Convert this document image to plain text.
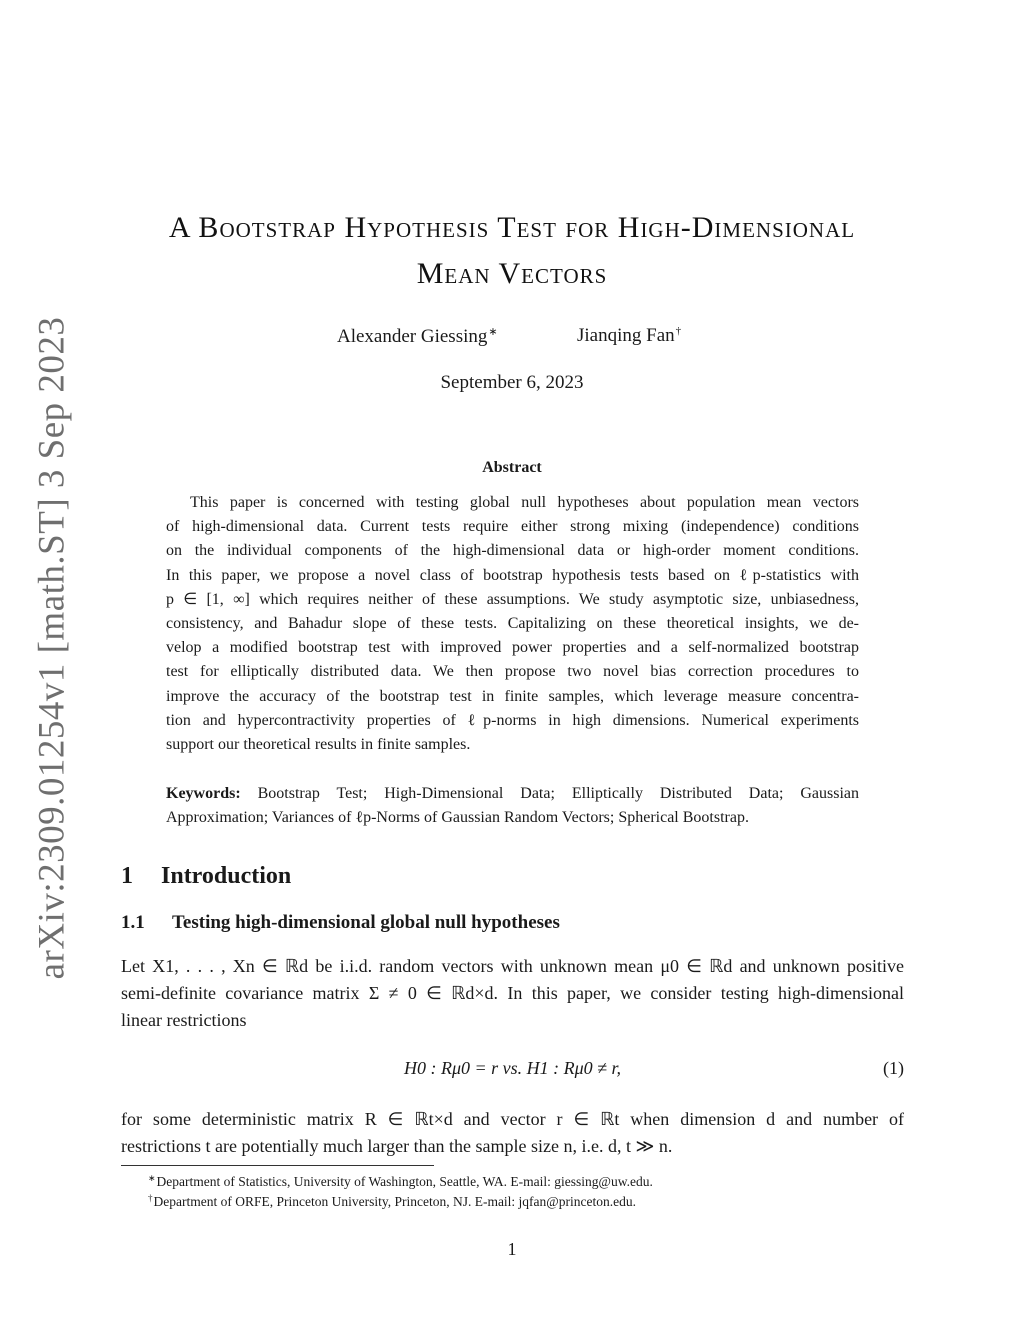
arXiv:2309.01254v1 [math.ST] 3 Sep 2023
A Bootstrap Hypothesis Test for High-Dimensional
Mean Vectors
Alexander Giessing∗	Jianqing Fan†
September 6, 2023
Abstract
This paper is concerned with testing global null hypotheses about population mean vectors
of high-dimensional data. Current tests require either strong mixing (independence) conditions
on the individual components of the high-dimensional data or high-order moment conditions.
In this paper, we propose a novel class of bootstrap hypothesis tests based on ℓp-statistics with
p ∈ [1, ∞] which requires neither of these assumptions. We study asymptotic size, unbiasedness,
consistency, and Bahadur slope of these tests. Capitalizing on these theoretical insights, we de-
velop a modified bootstrap test with improved power properties and a self-normalized bootstrap
test for elliptically distributed data. We then propose two novel bias correction procedures to
improve the accuracy of the bootstrap test in finite samples, which leverage measure concentra-
tion and hypercontractivity properties of ℓp-norms in high dimensions. Numerical experiments
support our theoretical results in finite samples.
Keywords: Bootstrap Test; High-Dimensional Data; Elliptically Distributed Data; Gaussian
Approximation; Variances of ℓp-Norms of Gaussian Random Vectors; Spherical Bootstrap.
1 Introduction
1.1 Testing high-dimensional global null hypotheses
Let X1, . . . , Xn ∈ ℝd be i.i.d. random vectors with unknown mean μ0 ∈ ℝd and unknown positive
semi-definite covariance matrix Σ ≠ 0 ∈ ℝd×d. In this paper, we consider testing high-dimensional
linear restrictions
H0 : Rμ0 = r vs. H1 : Rμ0 ≠ r,	(1)
for some deterministic matrix R ∈ ℝt×d and vector r ∈ ℝt when dimension d and number of
restrictions t are potentially much larger than the sample size n, i.e. d, t ≫ n.
∗Department of Statistics, University of Washington, Seattle, WA. E-mail: giessing@uw.edu.
†Department of ORFE, Princeton University, Princeton, NJ. E-mail: jqfan@princeton.edu.
1
